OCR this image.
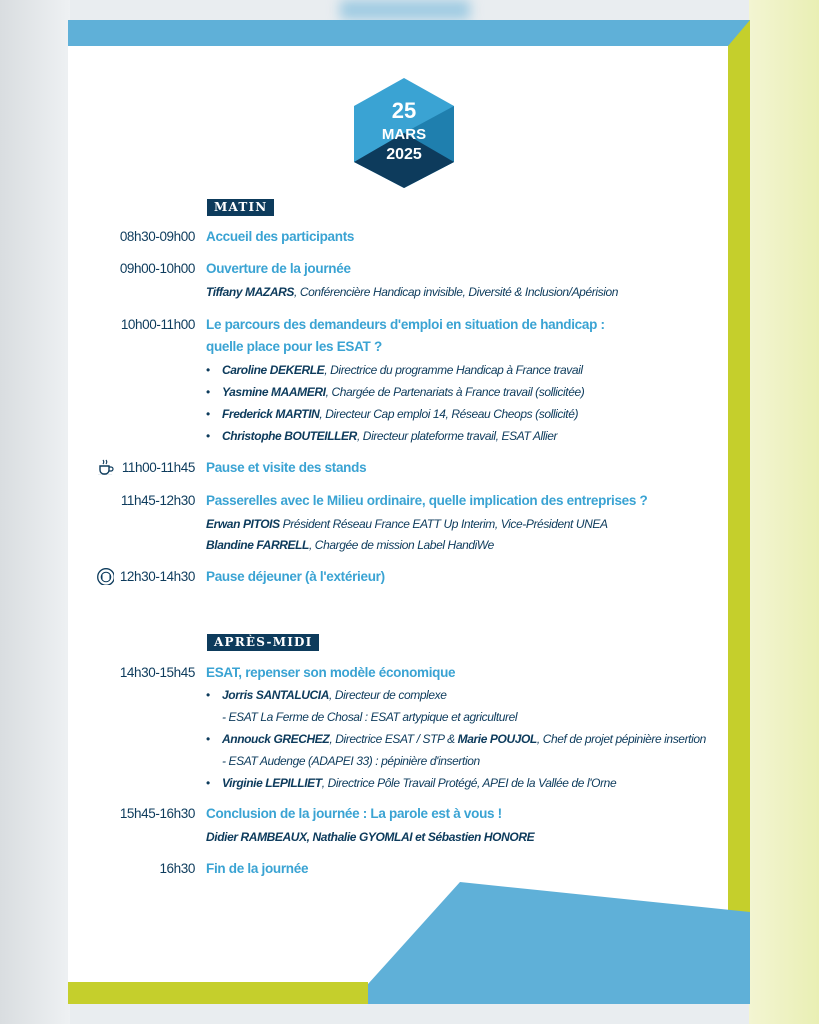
25
MARS
2025
MATIN
08h30-09h00 Accueil des participants
09h00-10h00 Ouverture de la journée
Tiffany MAZARS, Conférencière Handicap invisible, Diversité & Inclusion/Apérision
10h00-11h00 Le parcours des demandeurs d'emploi en situation de handicap :
quelle place pour les ESAT ?
• Caroline DEKERLE, Directrice du programme Handicap à France travail
• Yasmine MAAMERI, Chargée de Partenariats à France travail (sollicitée)
• Frederick MARTIN, Directeur Cap emploi 14, Réseau Cheops (sollicité)
• Christophe BOUTEILLER, Directeur plateforme travail, ESAT Allier
11h00-11h45 Pause et visite des stands
11h45-12h30 Passerelles avec le Milieu ordinaire, quelle implication des entreprises ?
Erwan PITOIS Président Réseau France EATT Up Interim, Vice-Président UNEA
Blandine FARRELL, Chargée de mission Label HandiWe
12h30-14h30 Pause déjeuner (à l'extérieur)
APRÈS-MIDI
14h30-15h45 ESAT, repenser son modèle économique
• Jorris SANTALUCIA, Directeur de complexe
- ESAT La Ferme de Chosal : ESAT artypique et agriculturel
• Annouck GRECHEZ, Directrice ESAT / STP & Marie POUJOL, Chef de projet pépinière insertion
- ESAT Audenge (ADAPEI 33) : pépinière d'insertion
• Virginie LEPILLIET, Directrice Pôle Travail Protégé, APEI de la Vallée de l'Orne
15h45-16h30 Conclusion de la journée : La parole est à vous !
Didier RAMBEAUX, Nathalie GYOMLAI et Sébastien HONORE
16h30 Fin de la journée
